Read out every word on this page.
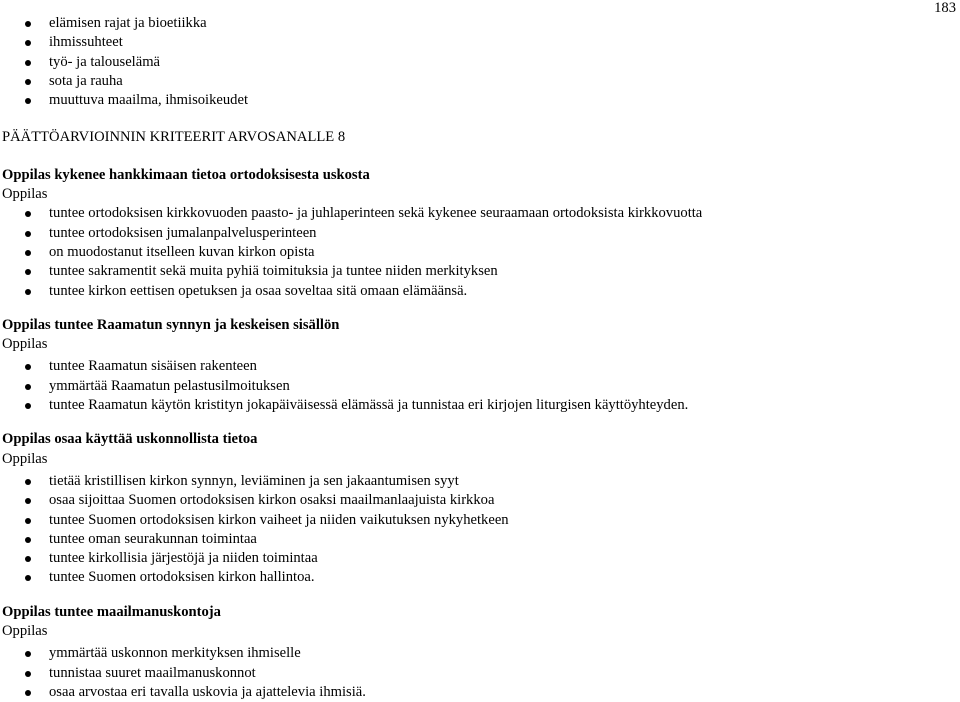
183
elämisen rajat ja bioetiikka
ihmissuhteet
työ- ja talouselämä
sota ja rauha
muuttuva maailma, ihmisoikeudet
PÄÄTTÖARVIOINNIN KRITEERIT ARVOSANALLE 8
Oppilas kykenee hankkimaan tietoa ortodoksisesta uskosta
Oppilas
tuntee ortodoksisen kirkkovuoden paasto- ja juhlaperinteen sekä kykenee seuraamaan ortodoksista kirkkovuotta
tuntee ortodoksisen jumalanpalvelusperinteen
on muodostanut itselleen kuvan kirkon opista
tuntee sakramentit sekä muita pyhiä toimituksia ja tuntee niiden merkityksen
tuntee kirkon eettisen opetuksen ja osaa soveltaa sitä omaan elämäänsä.
Oppilas tuntee Raamatun synnyn ja keskeisen sisällön
Oppilas
tuntee Raamatun sisäisen rakenteen
ymmärtää Raamatun pelastusilmoituksen
tuntee Raamatun käytön kristityn jokapäiväisessä elämässä ja tunnistaa eri kirjojen liturgisen käyttöyhteyden.
Oppilas osaa käyttää uskonnollista tietoa
Oppilas
tietää kristillisen kirkon synnyn, leviäminen ja sen jakaantumisen syyt
osaa sijoittaa Suomen ortodoksisen kirkon osaksi maailmanlaajuista kirkkoa
tuntee Suomen ortodoksisen kirkon vaiheet ja niiden vaikutuksen nykyhetkeen
tuntee oman seurakunnan toimintaa
tuntee kirkollisia järjestöjä ja niiden toimintaa
tuntee Suomen ortodoksisen kirkon hallintoa.
Oppilas tuntee maailmanuskontoja
Oppilas
ymmärtää uskonnon merkityksen ihmiselle
tunnistaa suuret maailmanuskonnot
osaa arvostaa eri tavalla uskovia ja ajattelevia ihmisiä.
